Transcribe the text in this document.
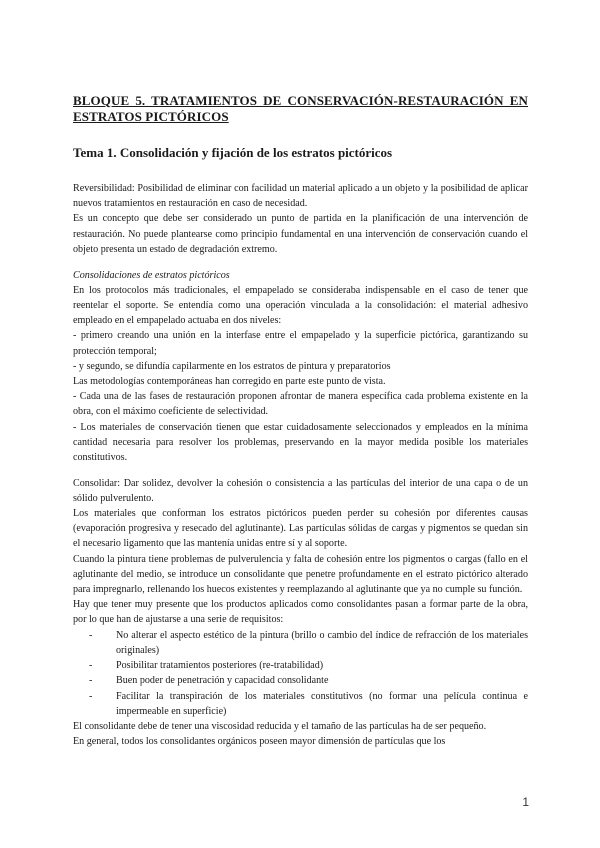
BLOQUE 5. TRATAMIENTOS DE CONSERVACIÓN-RESTAURACIÓN EN ESTRATOS PICTÓRICOS
Tema 1. Consolidación y fijación de los estratos pictóricos

Reversibilidad: Posibilidad de eliminar con facilidad un material aplicado a un objeto y la posibilidad de aplicar nuevos tratamientos en restauración en caso de necesidad.

Es un concepto que debe ser considerado un punto de partida en la planificación de una intervención de restauración. No puede plantearse como principio fundamental en una intervención de conservación cuando el objeto presenta un estado de degradación extremo.

Consolidaciones de estratos pictóricos

En los protocolos más tradicionales, el empapelado se consideraba indispensable en el caso de tener que reentelar el soporte. Se entendía como una operación vinculada a la consolidación: el material adhesivo empleado en el empapelado actuaba en dos niveles:

- primero creando una unión en la interfase entre el empapelado y la superficie pictórica, garantizando su protección temporal;

- y segundo, se difundía capilarmente en los estratos de pintura y preparatorios

Las metodologías contemporáneas han corregido en parte este punto de vista.

- Cada una de las fases de restauración proponen afrontar de manera específica cada problema existente en la obra, con el máximo coeficiente de selectividad.

- Los materiales de conservación tienen que estar cuidadosamente seleccionados y empleados en la mínima cantidad necesaria para resolver los problemas, preservando en la mayor medida posible los materiales constitutivos.

Consolidar: Dar solidez, devolver la cohesión o consistencia a las partículas del interior de una capa o de un sólido pulverulento.

Los materiales que conforman los estratos pictóricos pueden perder su cohesión por diferentes causas (evaporación progresiva y resecado del aglutinante). Las partículas sólidas de cargas y pigmentos se quedan sin el necesario ligamento que las mantenía unidas entre sí y al soporte.

Cuando la pintura tiene problemas de pulverulencia y falta de cohesión entre los pigmentos o cargas (fallo en el aglutinante del medio, se introduce un consolidante que penetre profundamente en el estrato pictórico alterado para impregnarlo, rellenando los huecos existentes y reemplazando al aglutinante que ya no cumple su función.

Hay que tener muy presente que los productos aplicados como consolidantes pasan a formar parte de la obra, por lo que han de ajustarse a una serie de requisitos:

- No alterar el aspecto estético de la pintura (brillo o cambio del índice de refracción de los materiales originales)
- Posibilitar tratamientos posteriores (re-tratabilidad)
- Buen poder de penetración y capacidad consolidante
- Facilitar la transpiración de los materiales constitutivos (no formar una película continua e impermeable en superficie)

El consolidante debe de tener una viscosidad reducida y el tamaño de las partículas ha de ser pequeño.

En general, todos los consolidantes orgánicos poseen mayor dimensión de partículas que los

1
